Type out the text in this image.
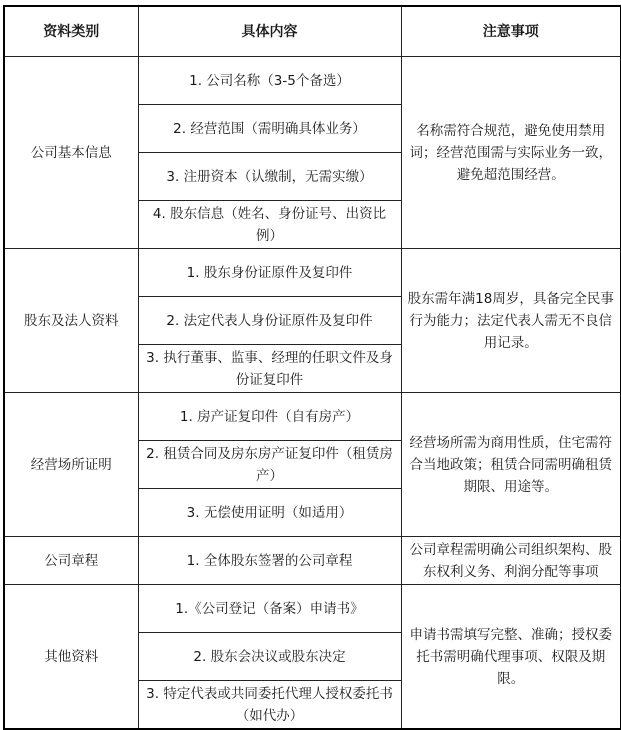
资料类别	具体内容	注意事项
公司基本信息	1. 公司名称（3-5个备选）	名称需符合规范，避免使用禁用词；经营范围需与实际业务一致，避免超范围经营。
	2. 经营范围（需明确具体业务）	
	3. 注册资本（认缴制，无需实缴）	
	4. 股东信息（姓名、身份证号、出资比例）	
股东及法人资料	1. 股东身份证原件及复印件	股东需年满18周岁，具备完全民事行为能力；法定代表人需无不良信用记录。
	2. 法定代表人身份证原件及复印件	
	3. 执行董事、监事、经理的任职文件及身份证复印件	
经营场所证明	1. 房产证复印件（自有房产）	经营场所需为商用性质，住宅需符合当地政策；租赁合同需明确租赁期限、用途等。
	2. 租赁合同及房东房产证复印件（租赁房产）	
	3. 无偿使用证明（如适用）	
公司章程	1. 全体股东签署的公司章程	公司章程需明确公司组织架构、股东权利义务、利润分配等事项
其他资料	1.《公司登记（备案）申请书》	申请书需填写完整、准确；授权委托书需明确代理事项、权限及期限。
	2. 股东会决议或股东决定	
	3. 特定代表或共同委托代理人授权委托书（如代办）	
